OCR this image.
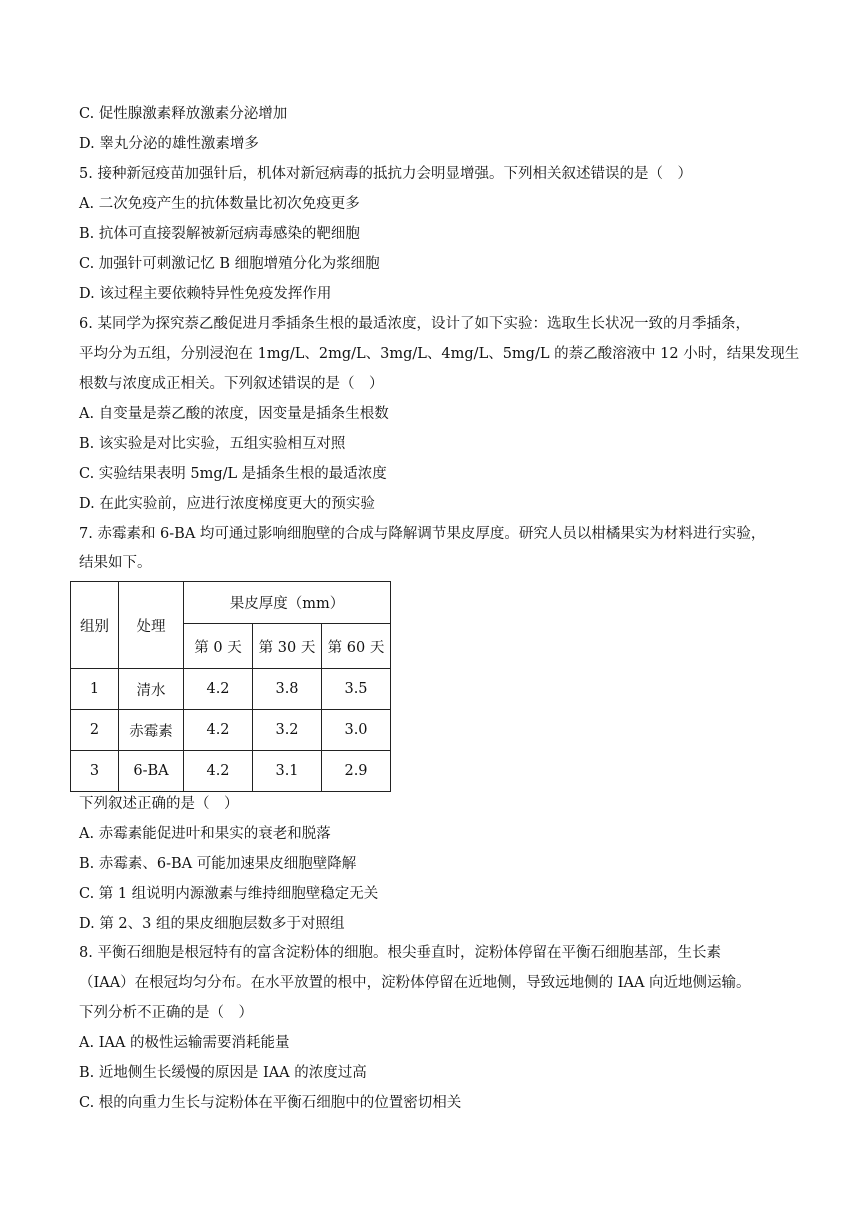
C. 促性腺激素释放激素分泌增加
D. 睾丸分泌的雄性激素增多
5. 接种新冠疫苗加强针后，机体对新冠病毒的抵抗力会明显增强。下列相关叙述错误的是（　）
A. 二次免疫产生的抗体数量比初次免疫更多
B. 抗体可直接裂解被新冠病毒感染的靶细胞
C. 加强针可刺激记忆 B 细胞增殖分化为浆细胞
D. 该过程主要依赖特异性免疫发挥作用
6. 某同学为探究萘乙酸促进月季插条生根的最适浓度，设计了如下实验：选取生长状况一致的月季插条，
平均分为五组，分别浸泡在 1mg/L、2mg/L、3mg/L、4mg/L、5mg/L 的萘乙酸溶液中 12 小时，结果发现生
根数与浓度成正相关。下列叙述错误的是（　）
A. 自变量是萘乙酸的浓度，因变量是插条生根数
B. 该实验是对比实验，五组实验相互对照
C. 实验结果表明 5mg/L 是插条生根的最适浓度
D. 在此实验前，应进行浓度梯度更大的预实验
7. 赤霉素和 6-BA 均可通过影响细胞壁的合成与降解调节果皮厚度。研究人员以柑橘果实为材料进行实验，
结果如下。
组别	处理	果皮厚度（mm）		
		第 0 天	第 30 天	第 60 天
1	清水	4.2	3.8	3.5
2	赤霉素	4.2	3.2	3.0
3	6-BA	4.2	3.1	2.9
下列叙述正确的是（　）
A. 赤霉素能促进叶和果实的衰老和脱落
B. 赤霉素、6-BA 可能加速果皮细胞壁降解
C. 第 1 组说明内源激素与维持细胞壁稳定无关
D. 第 2、3 组的果皮细胞层数多于对照组
8. 平衡石细胞是根冠特有的富含淀粉体的细胞。根尖垂直时，淀粉体停留在平衡石细胞基部，生长素
（IAA）在根冠均匀分布。在水平放置的根中，淀粉体停留在近地侧，导致远地侧的 IAA 向近地侧运输。
下列分析不正确的是（　）
A. IAA 的极性运输需要消耗能量
B. 近地侧生长缓慢的原因是 IAA 的浓度过高
C. 根的向重力生长与淀粉体在平衡石细胞中的位置密切相关
